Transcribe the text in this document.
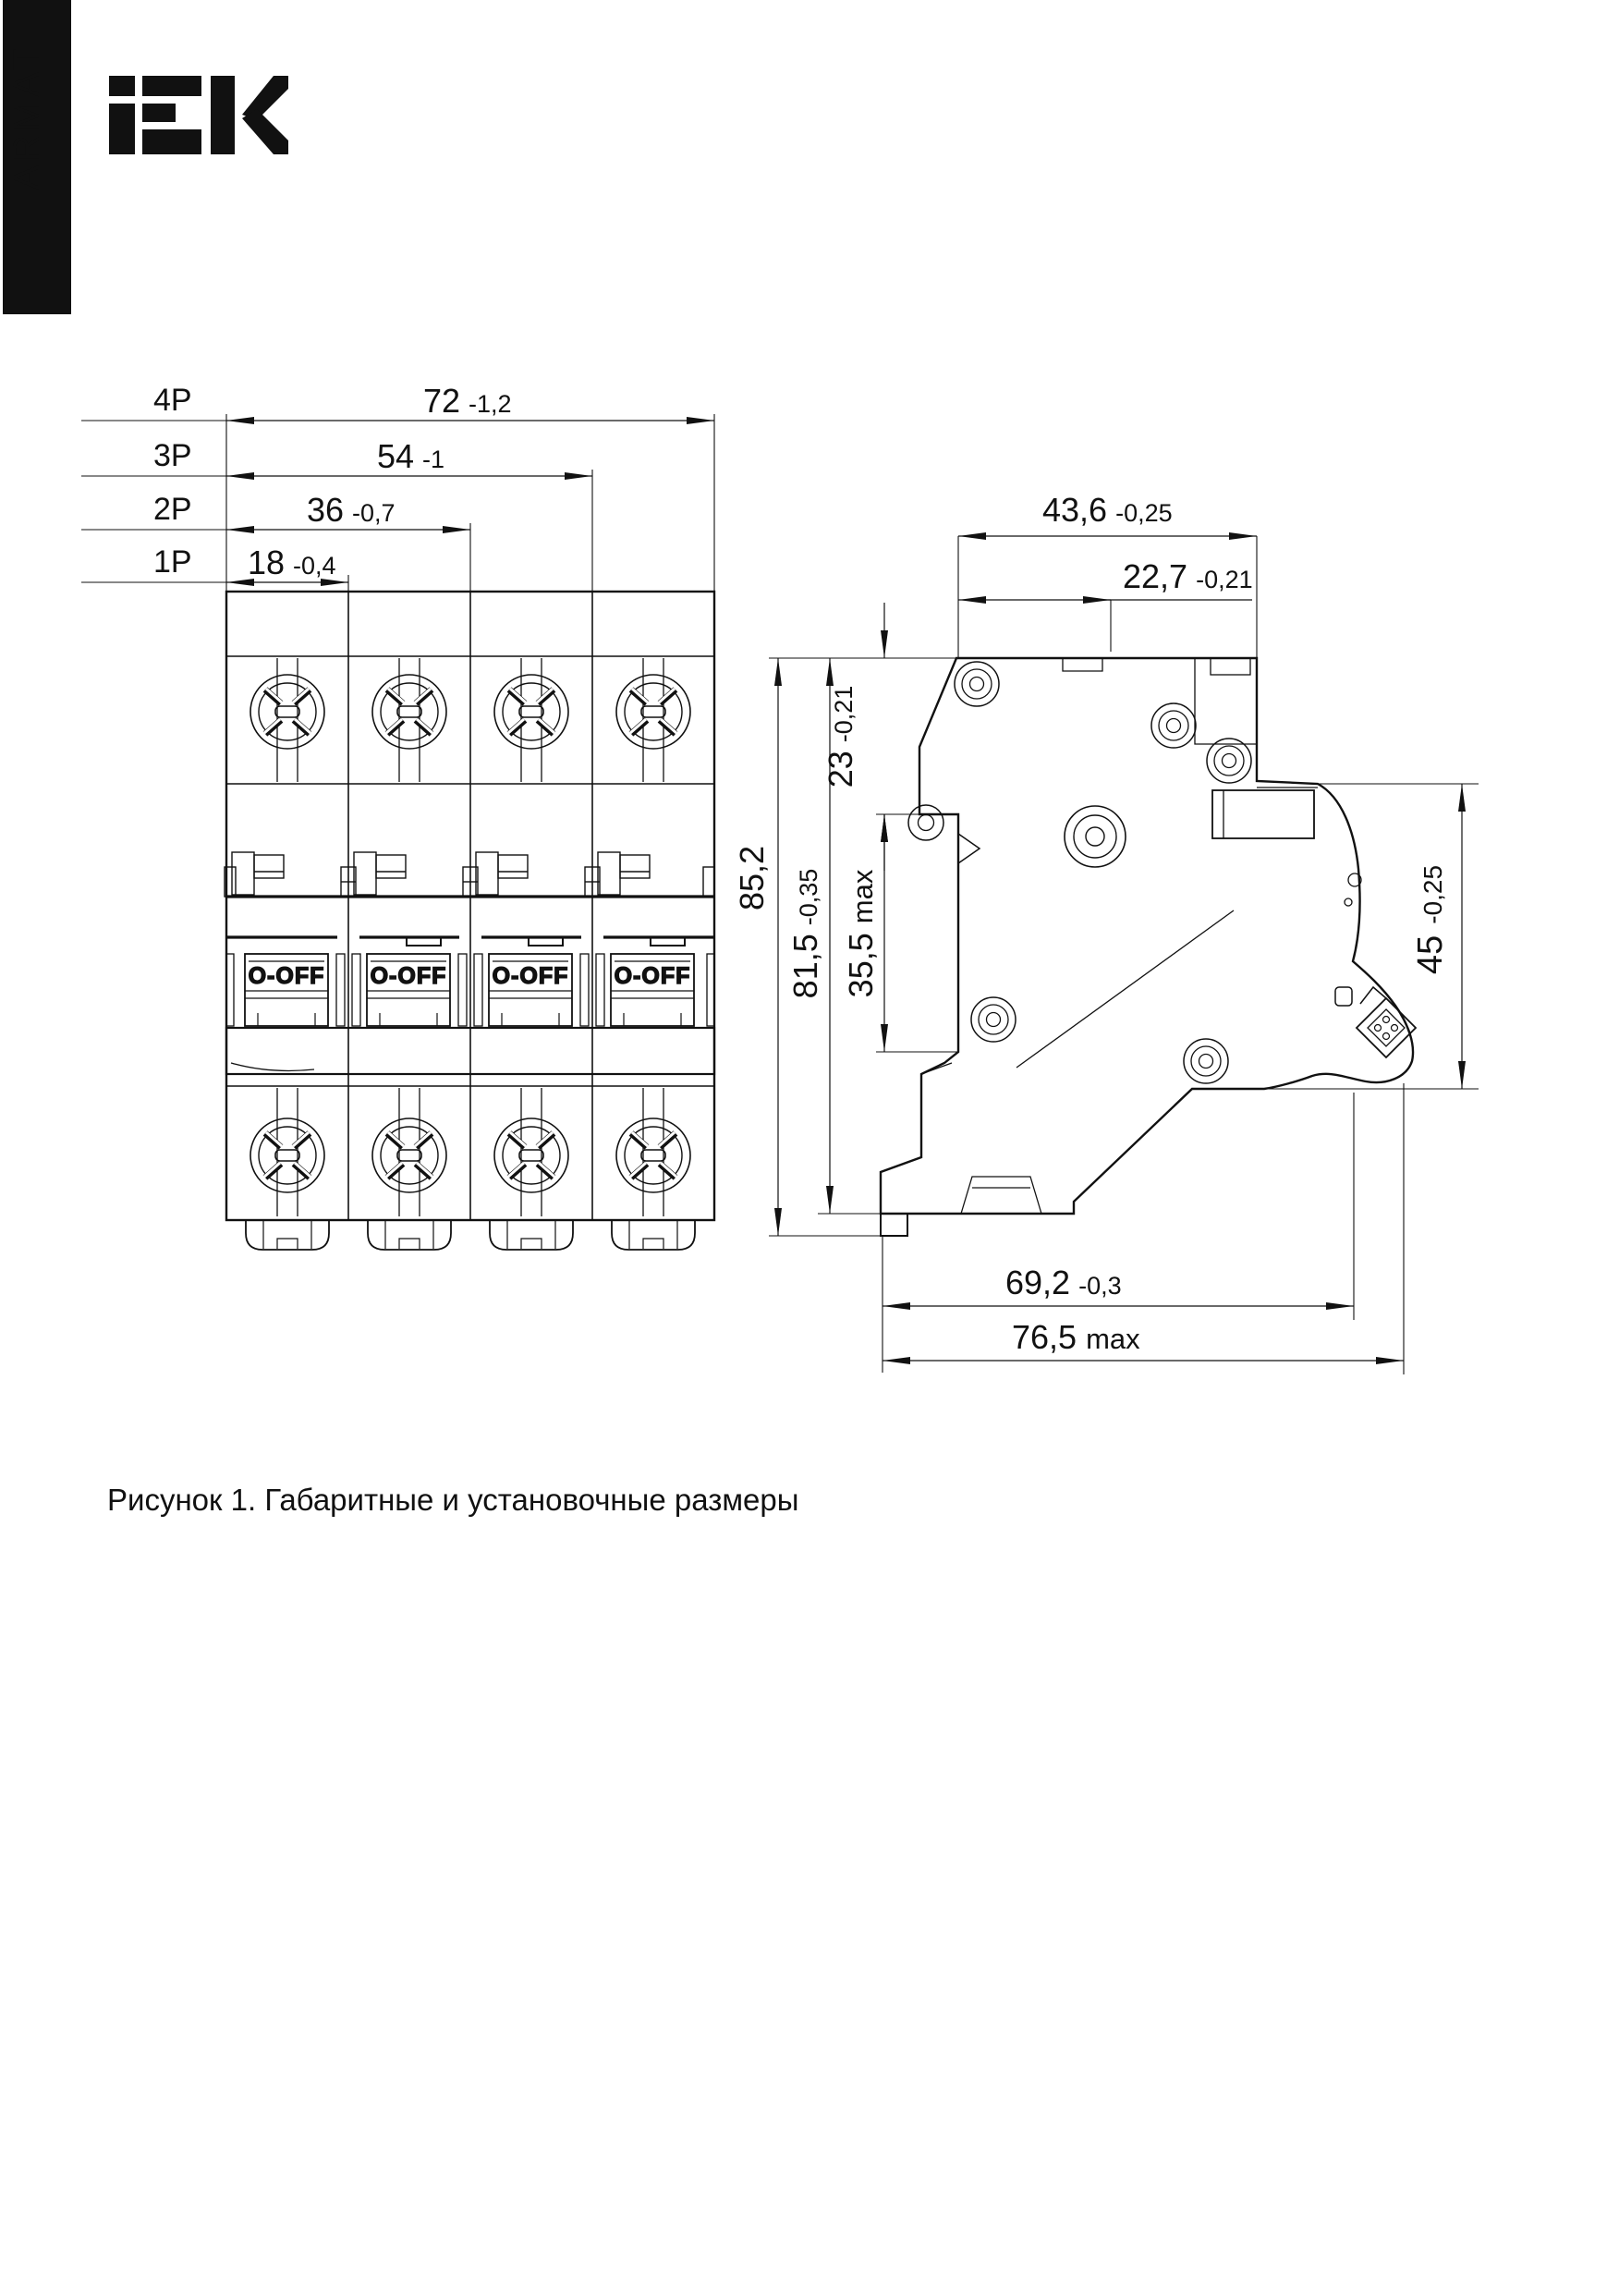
ARMAT
4P	72 -1,2
3P	54 -1
2P	36 -0,7
1P 18 -0,4
O-OFF O-OFF O-OFF O-OFF
43,6 -0,25
22,7 -0,21
85,2
81,5-0,35
23-0,21
35,5max
45-0,25
69,2 -0,3
76,5 max
Рисунок 1. Габаритные и установочные размеры
